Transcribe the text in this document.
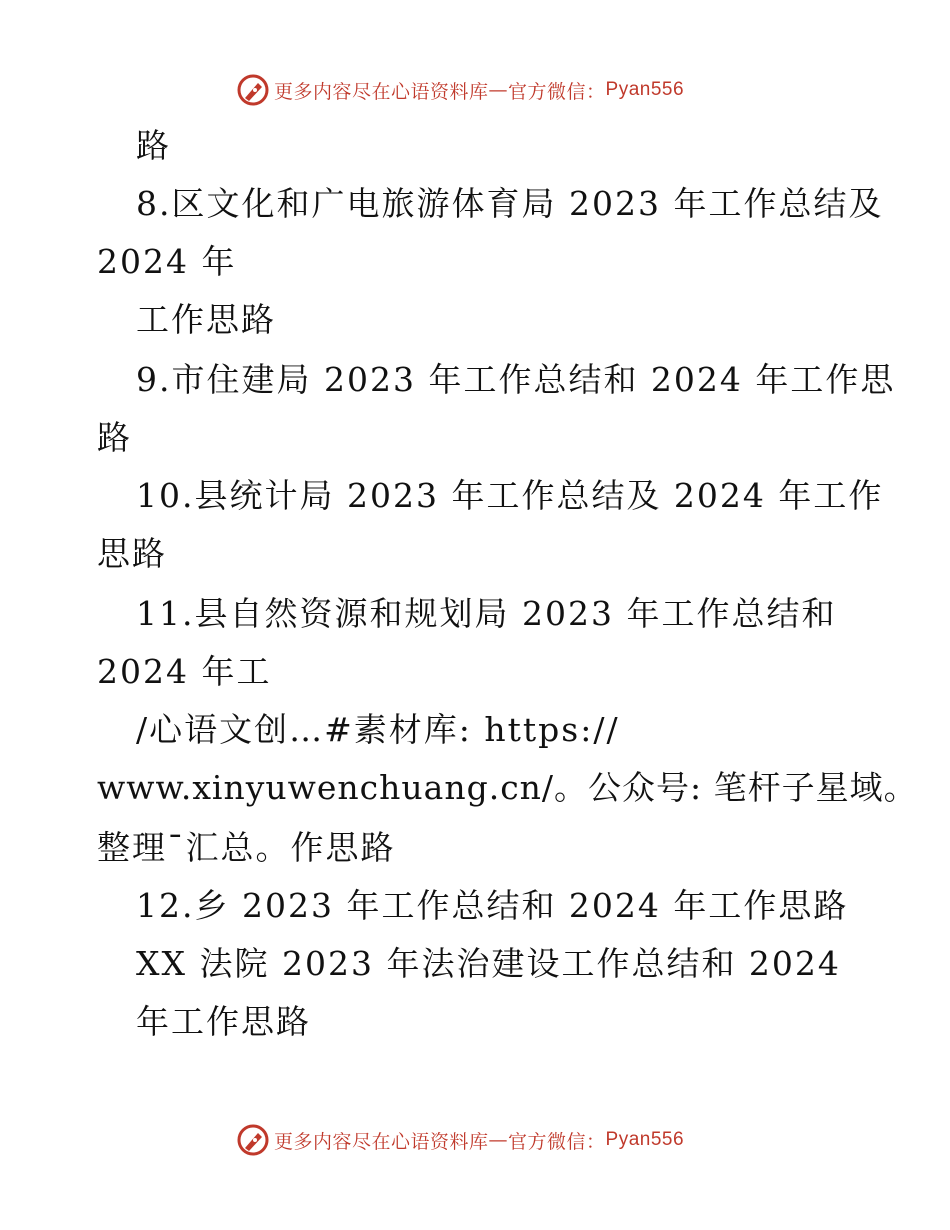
更多内容尽在心语资料库 — 官方微信： Pyan556
路
8.区文化和广电旅游体育局 2023 年工作总结及
2024 年
工作思路
9.市住建局 2023 年工作总结和 2024 年工作思
路
10.县统计局 2023 年工作总结及 2024 年工作
思路
11.县自然资源和规划局 2023 年工作总结和
2024 年工
/心语文创…#素材库: https://
www.xinyuwenchuang.cn/。公众号: 笔杆子星域。
整理¯汇总。作思路
12.乡 2023 年工作总结和 2024 年工作思路
XX 法院 2023 年法治建设工作总结和 2024
年工作思路
更多内容尽在心语资料库 — 官方微信： Pyan556
